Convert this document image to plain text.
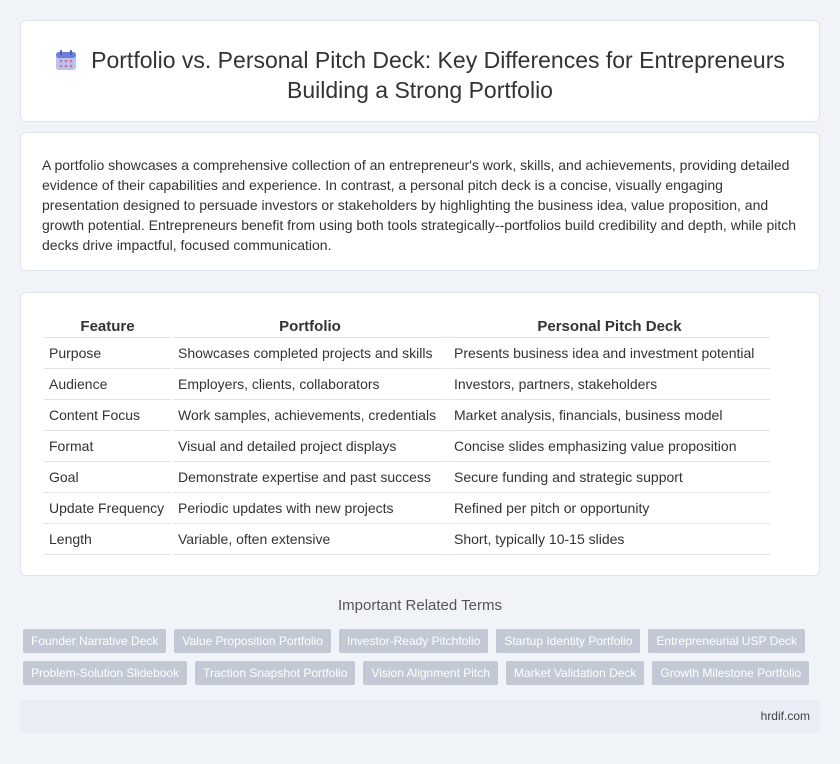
Portfolio vs. Personal Pitch Deck: Key Differences for Entrepreneurs Building a Strong Portfolio

A portfolio showcases a comprehensive collection of an entrepreneur's work, skills, and achievements, providing detailed evidence of their capabilities and experience. In contrast, a personal pitch deck is a concise, visually engaging presentation designed to persuade investors or stakeholders by highlighting the business idea, value proposition, and growth potential. Entrepreneurs benefit from using both tools strategically--portfolios build credibility and depth, while pitch decks drive impactful, focused communication.

Feature	Portfolio	Personal Pitch Deck
Purpose	Showcases completed projects and skills	Presents business idea and investment potential
Audience	Employers, clients, collaborators	Investors, partners, stakeholders
Content Focus	Work samples, achievements, credentials	Market analysis, financials, business model
Format	Visual and detailed project displays	Concise slides emphasizing value proposition
Goal	Demonstrate expertise and past success	Secure funding and strategic support
Update Frequency	Periodic updates with new projects	Refined per pitch or opportunity
Length	Variable, often extensive	Short, typically 10-15 slides
Important Related Terms
Founder Narrative Deck	Value Proposition Portfolio	Investor-Ready Pitchfolio	Startup Identity Portfolio	Entrepreneurial USP Deck
Problem-Solution Slidebook	Traction Snapshot Portfolio	Vision Alignment Pitch	Market Validation Deck	Growth Milestone Portfolio
hrdif.com
